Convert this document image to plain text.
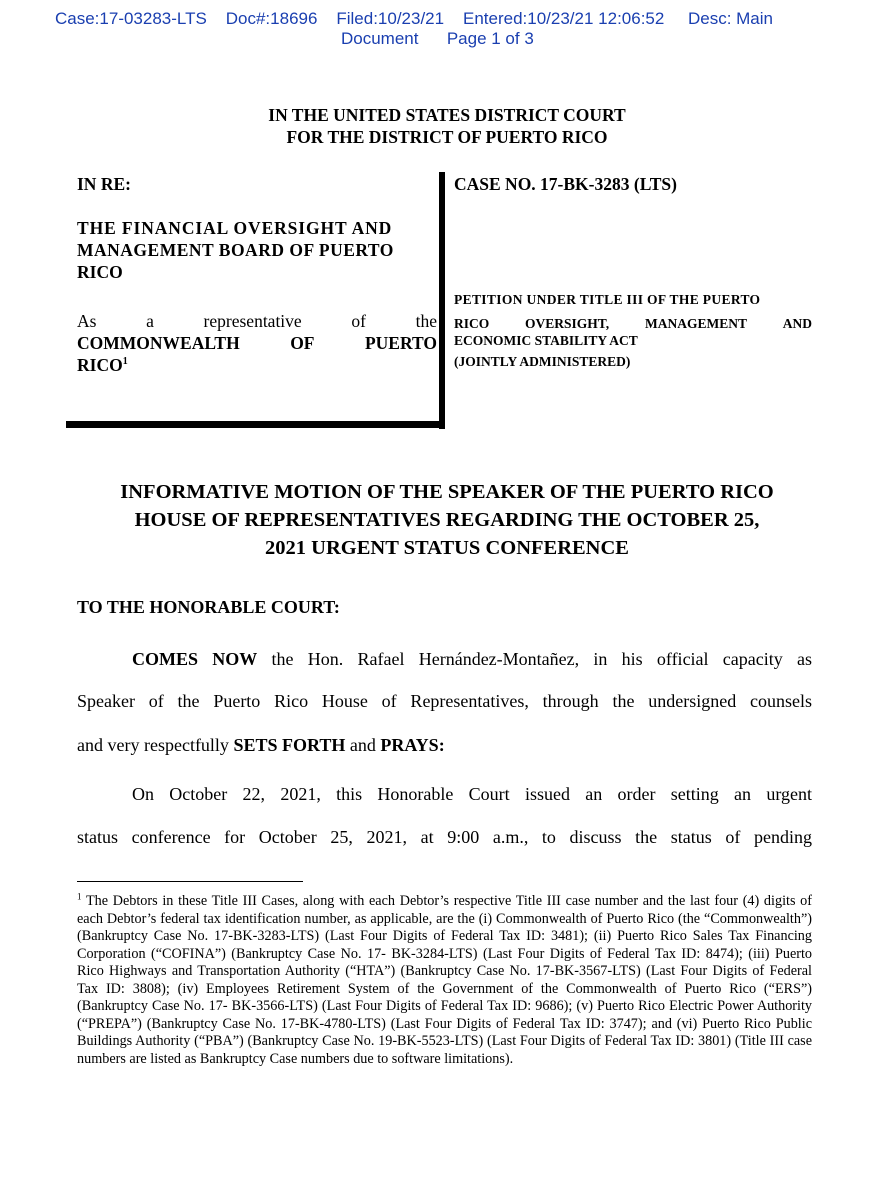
Case:17-03283-LTS Doc#:18696 Filed:10/23/21 Entered:10/23/21 12:06:52 Desc: Main
Document Page 1 of 3
IN THE UNITED STATES DISTRICT COURT
FOR THE DISTRICT OF PUERTO RICO
IN RE:
THE FINANCIAL OVERSIGHT AND
MANAGEMENT BOARD OF PUERTO
RICO
As	a	representative	of	the
COMMONWEALTH	OF	PUERTO
RICO$^1$
CASE NO. 17-BK-3283 (LTS)
PETITION UNDER TITLE III OF THE PUERTO
RICO	OVERSIGHT,	MANAGEMENT	AND
ECONOMIC STABILITY ACT
(JOINTLY ADMINISTERED)
INFORMATIVE MOTION OF THE SPEAKER OF THE PUERTO RICO
HOUSE OF REPRESENTATIVES REGARDING THE OCTOBER 25,
2021 URGENT STATUS CONFERENCE
TO THE HONORABLE COURT:
COMES NOW the Hon. Rafael Hernández-Montañez, in his official capacity as
Speaker of the Puerto Rico House of Representatives, through the undersigned counsels
and very respectfully SETS FORTH and PRAYS:
On October 22, 2021, this Honorable Court issued an order setting an urgent
status conference for October 25, 2021, at 9:00 a.m., to discuss the status of pending
$^1$ The Debtors in these Title III Cases, along with each Debtor’s respective Title III case number and the last four (4) digits of each Debtor’s federal tax identification number, as applicable, are the (i) Commonwealth of Puerto Rico (the “Commonwealth”) (Bankruptcy Case No. 17-BK-3283-LTS) (Last Four Digits of Federal Tax ID: 3481); (ii) Puerto Rico Sales Tax Financing Corporation (“COFINA”) (Bankruptcy Case No. 17- BK-3284-LTS) (Last Four Digits of Federal Tax ID: 8474); (iii) Puerto Rico Highways and Transportation Authority (“HTA”) (Bankruptcy Case No. 17-BK-3567-LTS) (Last Four Digits of Federal Tax ID: 3808); (iv) Employees Retirement System of the Government of the Commonwealth of Puerto Rico (“ERS”) (Bankruptcy Case No. 17- BK-3566-LTS) (Last Four Digits of Federal Tax ID: 9686); (v) Puerto Rico Electric Power Authority (“PREPA”) (Bankruptcy Case No. 17-BK-4780-LTS) (Last Four Digits of Federal Tax ID: 3747); and (vi) Puerto Rico Public Buildings Authority (“PBA”) (Bankruptcy Case No. 19-BK-5523-LTS) (Last Four Digits of Federal Tax ID: 3801) (Title III case numbers are listed as Bankruptcy Case numbers due to software limitations).
